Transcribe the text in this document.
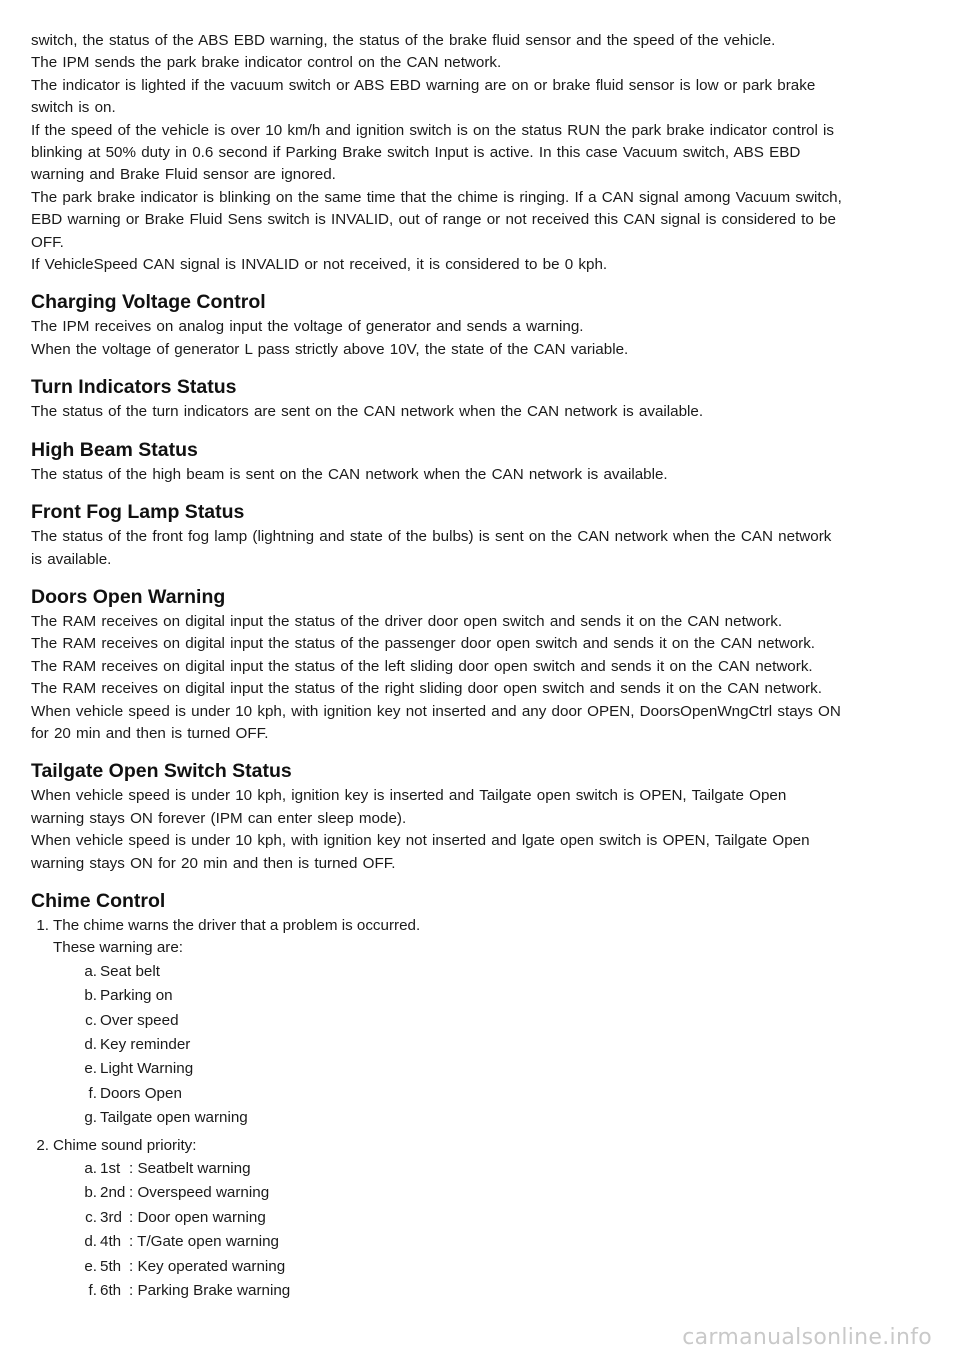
switch, the status of the ABS EBD warning, the status of the brake fluid sensor and the speed of the vehicle.
The IPM sends the park brake indicator control on the CAN network.
The indicator is lighted if the vacuum switch or ABS EBD warning are on or brake fluid sensor is low or park brake
switch is on.
If the speed of the vehicle is over 10 km/h and ignition switch is on the status RUN the park brake indicator control is
blinking at 50% duty in 0.6 second if Parking Brake switch Input is active. In this case Vacuum switch, ABS EBD
warning and Brake Fluid sensor are ignored.
The park brake indicator is blinking on the same time that the chime is ringing. If a CAN signal among Vacuum switch,
EBD warning or Brake Fluid Sens switch is INVALID, out of range or not received this CAN signal is considered to be
OFF.
If VehicleSpeed CAN signal is INVALID or not received, it is considered to be 0 kph.

Charging Voltage Control

The IPM receives on analog input the voltage of generator and sends a warning.
When the voltage of generator L pass strictly above 10V, the state of the CAN variable.

Turn Indicators Status

The status of the turn indicators are sent on the CAN network when the CAN network is available.

High Beam Status

The status of the high beam is sent on the CAN network when the CAN network is available.

Front Fog Lamp Status

The status of the front fog lamp (lightning and state of the bulbs) is sent on the CAN network when the CAN network
is available.

Doors Open Warning

The RAM receives on digital input the status of the driver door open switch and sends it on the CAN network.
The RAM receives on digital input the status of the passenger door open switch and sends it on the CAN network.
The RAM receives on digital input the status of the left sliding door open switch and sends it on the CAN network.
The RAM receives on digital input the status of the right sliding door open switch and sends it on the CAN network.
When vehicle speed is under 10 kph, with ignition key not inserted and any door OPEN, DoorsOpenWngCtrl stays ON
for 20 min and then is turned OFF.

Tailgate Open Switch Status

When vehicle speed is under 10 kph, ignition key is inserted and Tailgate open switch is OPEN, Tailgate Open
warning stays ON forever (IPM can enter sleep mode).
When vehicle speed is under 10 kph, with ignition key not inserted and lgate open switch is OPEN, Tailgate Open
warning stays ON for 20 min and then is turned OFF.

Chime Control
1. The chime warns the driver that a problem is occurred.
These warning are:
a. Seat belt
b. Parking on
c. Over speed
d. Key reminder
e. Light Warning
f. Doors Open
g. Tailgate open warning
2. Chime sound priority:
a. 1st : Seatbelt warning
b. 2nd : Overspeed warning
c. 3rd : Door open warning
d. 4th : T/Gate open warning
e. 5th : Key operated warning
f. 6th : Parking Brake warning
carmanualsonline.info
